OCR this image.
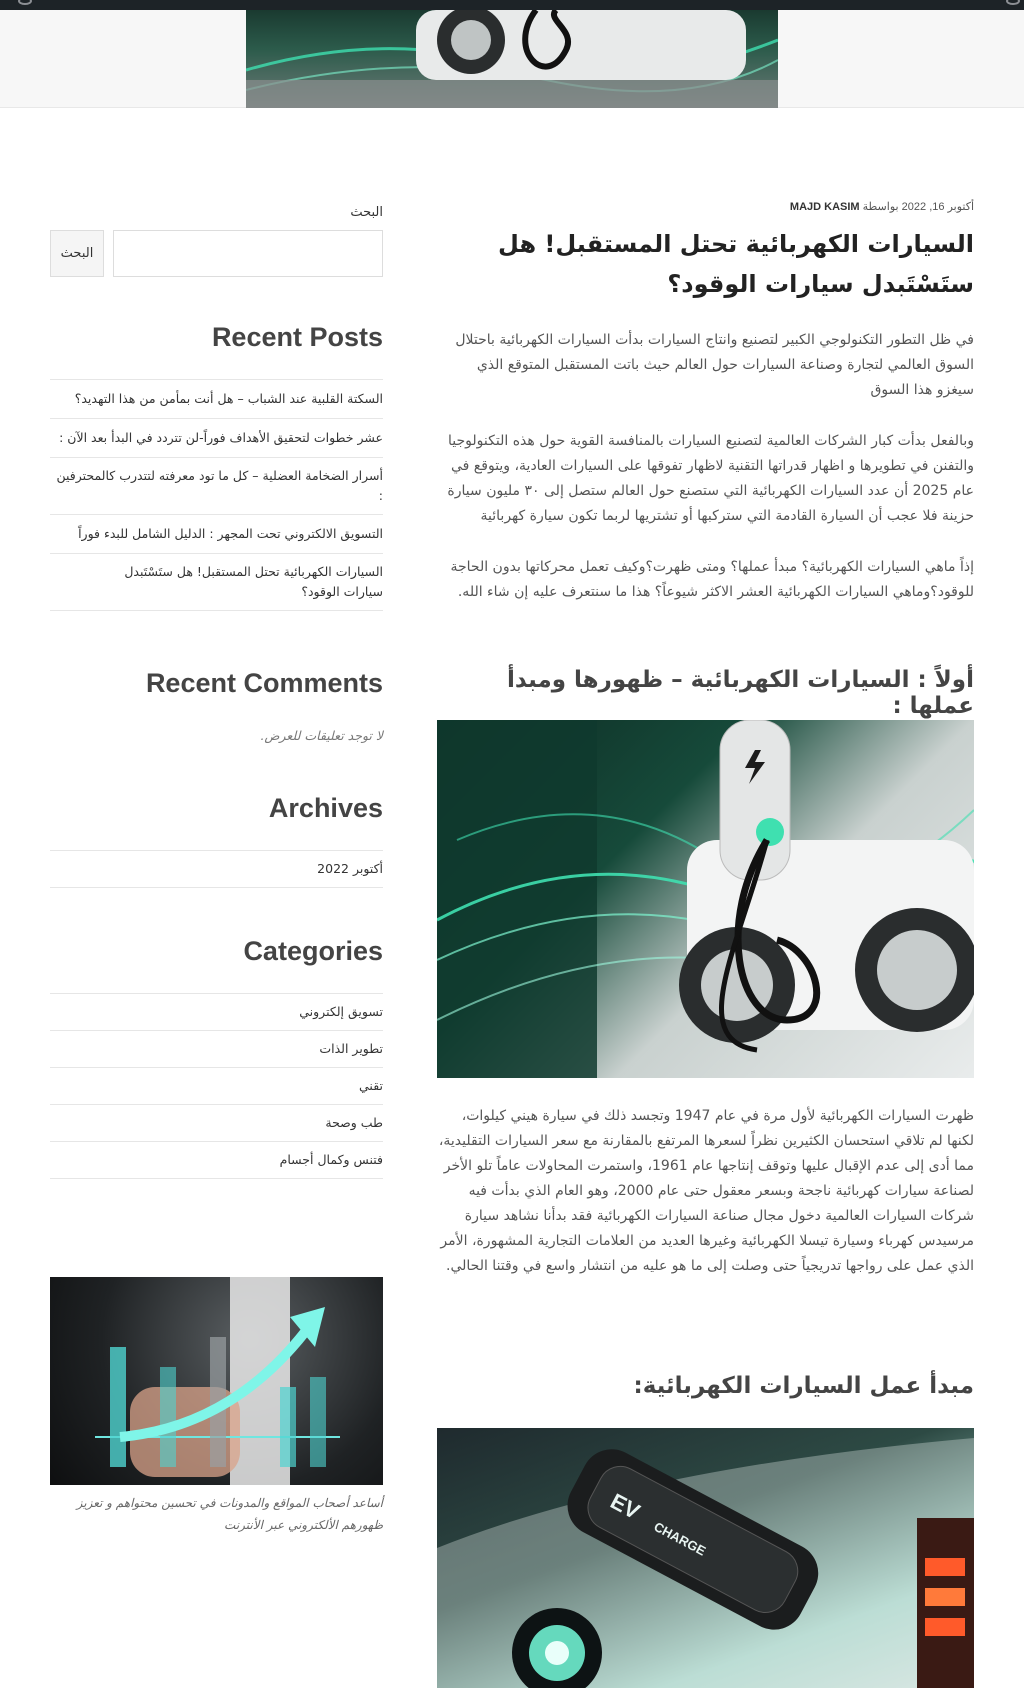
أكتوبر 16, 2022 بواسطة MAJD KASIM
السيارات الكهربائية تحتل المستقبل! هل ستَسْتَبدل سيارات الوقود؟

في ظل التطور التكنولوجي الكبير لتصنيع وانتاج السيارات بدأت السيارات الكهربائية باحتلال السوق العالمي لتجارة وصناعة السيارات حول العالم حيث باتت المستقبل المتوقع الذي سيغزو هذا السوق

وبالفعل بدأت كبار الشركات العالمية لتصنيع السيارات بالمنافسة القوية حول هذه التكنولوجيا والتفنن في تطويرها و اظهار قدراتها التقنية لاظهار تفوقها على السيارات العادية، ويتوقع في عام 2025 أن عدد السيارات الكهربائية التي ستصنع حول العالم ستصل إلى ٣٠ مليون سيارة حزينة فلا عجب أن السيارة القادمة التي ستركبها أو تشتريها لربما تكون سيارة كهربائية

إذاً ماهي السيارات الكهربائية؟ مبدأ عملها؟ ومتى ظهرت؟وكيف تعمل محركاتها بدون الحاجة للوقود؟وماهي السيارات الكهربائية العشر الاكثر شيوعاً؟ هذا ما سنتعرف عليه إن شاء الله.

أولاً : السيارات الكهربائية – ظهورها ومبدأ عملها :

ظهرت السيارات الكهربائية لأول مرة في عام 1947 وتجسد ذلك في سيارة هيني كيلوات، لكنها لم تلاقي استحسان الكثيرين نظراً لسعرها المرتفع بالمقارنة مع سعر السيارات التقليدية، مما أدى إلى عدم الإقبال عليها وتوقف إنتاجها عام 1961، واستمرت المحاولات عاماً تلو الأخر لصناعة سيارات كهربائية ناجحة وبسعر معقول حتى عام 2000، وهو العام الذي بدأت فيه شركات السيارات العالمية دخول مجال صناعة السيارات الكهربائية فقد بدأنا نشاهد سيارة مرسيدس كهرباء وسيارة تيسلا الكهربائية وغيرها العديد من العلامات التجارية المشهورة، الأمر الذي عمل على رواجها تدريجياً حتى وصلت إلى ما هو عليه من انتشار واسع في وقتنا الحالي.

مبدأ عمل السيارات الكهربائية:
EV
CHARGE
البحث
البحث
Recent Posts
السكتة القلبية عند الشباب – هل أنت بمأمن من هذا التهديد؟
عشر خطوات لتحقيق الأهداف فوراً-لن تتردد في البدأ بعد الآن :
أسرار الضخامة العضلية – كل ما تود معرفته لتتدرب كالمحترفين :
التسويق الالكتروني تحت المجهر : الدليل الشامل للبدء فوراً
السيارات الكهربائية تحتل المستقبل! هل ستَسْتَبدل سيارات الوقود؟
Recent Comments
لا توجد تعليقات للعرض.
Archives
أكتوبر 2022
Categories
تسويق إلكتروني
تطوير الذات
تقني
طب وصحة
فتنس وكمال أجسام
أساعد أصحاب المواقع والمدونات في تحسين محتواهم و تعزيز ظهورهم الألكتروني عبر الأنترنت
